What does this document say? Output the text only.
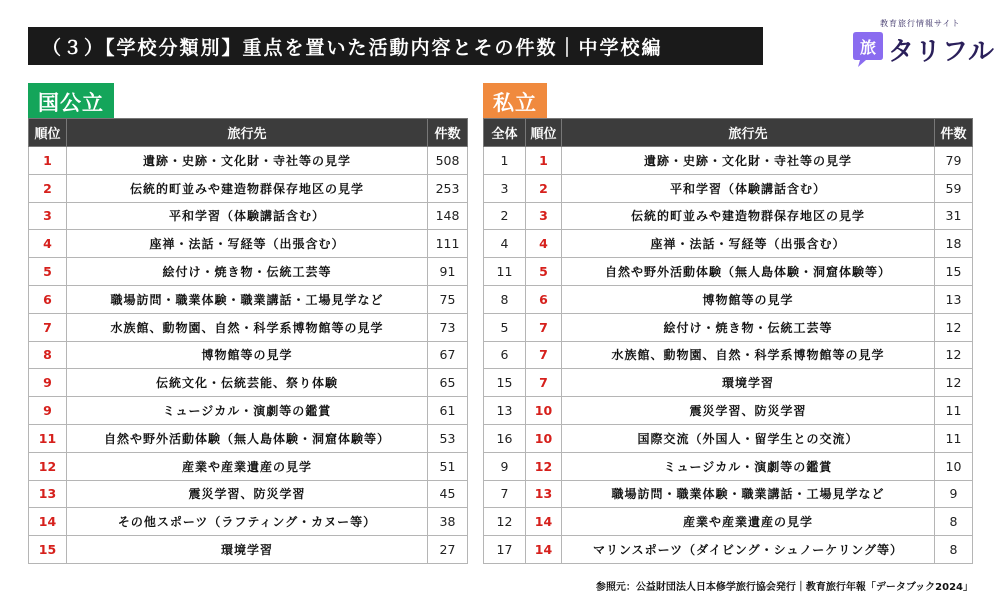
（３）【学校分類別】重点を置いた活動内容とその件数｜中学校編
教育旅行情報サイト
旅 タリフル
国公立	私立
順位	旅行先	件数
1	遺跡・史跡・文化財・寺社等の見学	508
2	伝統的町並みや建造物群保存地区の見学	253
3	平和学習（体験講話含む）	148
4	座禅・法話・写経等（出張含む）	111
5	絵付け・焼き物・伝統工芸等	91
6	職場訪問・職業体験・職業講話・工場見学など	75
7	水族館、動物園、自然・科学系博物館等の見学	73
8	博物館等の見学	67
9	伝統文化・伝統芸能、祭り体験	65
9	ミュージカル・演劇等の鑑賞	61
11	自然や野外活動体験（無人島体験・洞窟体験等）	53
12	産業や産業遺産の見学	51
13	震災学習、防災学習	45
14	その他スポーツ（ラフティング・カヌー等）	38
15	環境学習	27
全体	順位	旅行先	件数
1	1	遺跡・史跡・文化財・寺社等の見学	79
3	2	平和学習（体験講話含む）	59
2	3	伝統的町並みや建造物群保存地区の見学	31
4	4	座禅・法話・写経等（出張含む）	18
11	5	自然や野外活動体験（無人島体験・洞窟体験等）	15
8	6	博物館等の見学	13
5	7	絵付け・焼き物・伝統工芸等	12
6	7	水族館、動物園、自然・科学系博物館等の見学	12
15	7	環境学習	12
13	10	震災学習、防災学習	11
16	10	国際交流（外国人・留学生との交流）	11
9	12	ミュージカル・演劇等の鑑賞	10
7	13	職場訪問・職業体験・職業講話・工場見学など	9
12	14	産業や産業遺産の見学	8
17	14	マリンスポーツ（ダイビング・シュノーケリング等）	8
参照元：公益財団法人日本修学旅行協会発行｜教育旅行年報「データブック2024」
